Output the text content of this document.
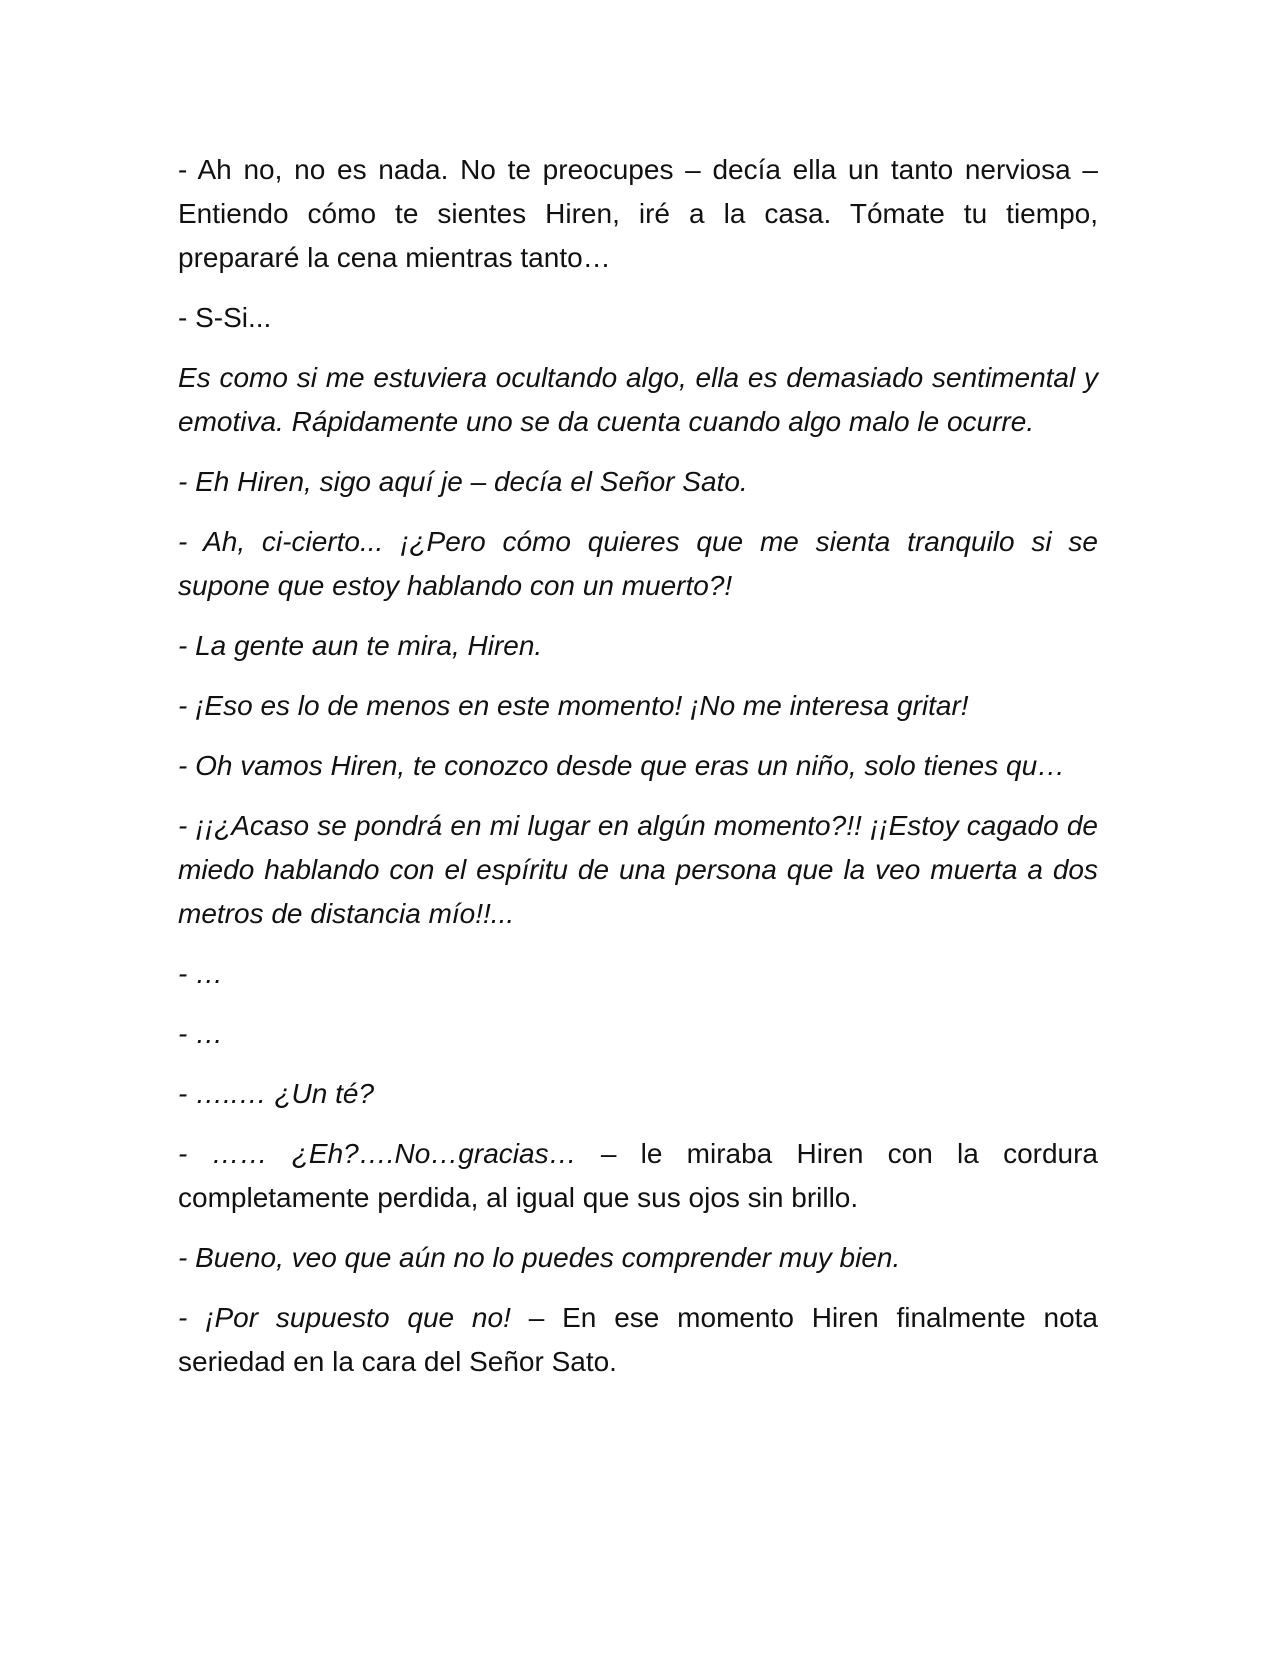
- Ah no, no es nada. No te preocupes – decía ella un tanto nerviosa – Entiendo cómo te sientes Hiren, iré a la casa. Tómate tu tiempo, prepararé la cena mientras tanto…

- S-Si...

Es como si me estuviera ocultando algo, ella es demasiado sentimental y emotiva. Rápidamente uno se da cuenta cuando algo malo le ocurre.

- Eh Hiren, sigo aquí je – decía el Señor Sato.

- Ah, ci-cierto... ¡¿Pero cómo quieres que me sienta tranquilo si se supone que estoy hablando con un muerto?!

- La gente aun te mira, Hiren.

- ¡Eso es lo de menos en este momento! ¡No me interesa gritar!

- Oh vamos Hiren, te conozco desde que eras un niño, solo tienes qu…

- ¡¡¿Acaso se pondrá en mi lugar en algún momento?!! ¡¡Estoy cagado de miedo hablando con el espíritu de una persona que la veo muerta a dos metros de distancia mío!!...

- …

- …

- …..… ¿Un té?

- …… ¿Eh?….No…gracias… – le miraba Hiren con la cordura completamente perdida, al igual que sus ojos sin brillo.

- Bueno, veo que aún no lo puedes comprender muy bien.

- ¡Por supuesto que no! – En ese momento Hiren finalmente nota seriedad en la cara del Señor Sato.
